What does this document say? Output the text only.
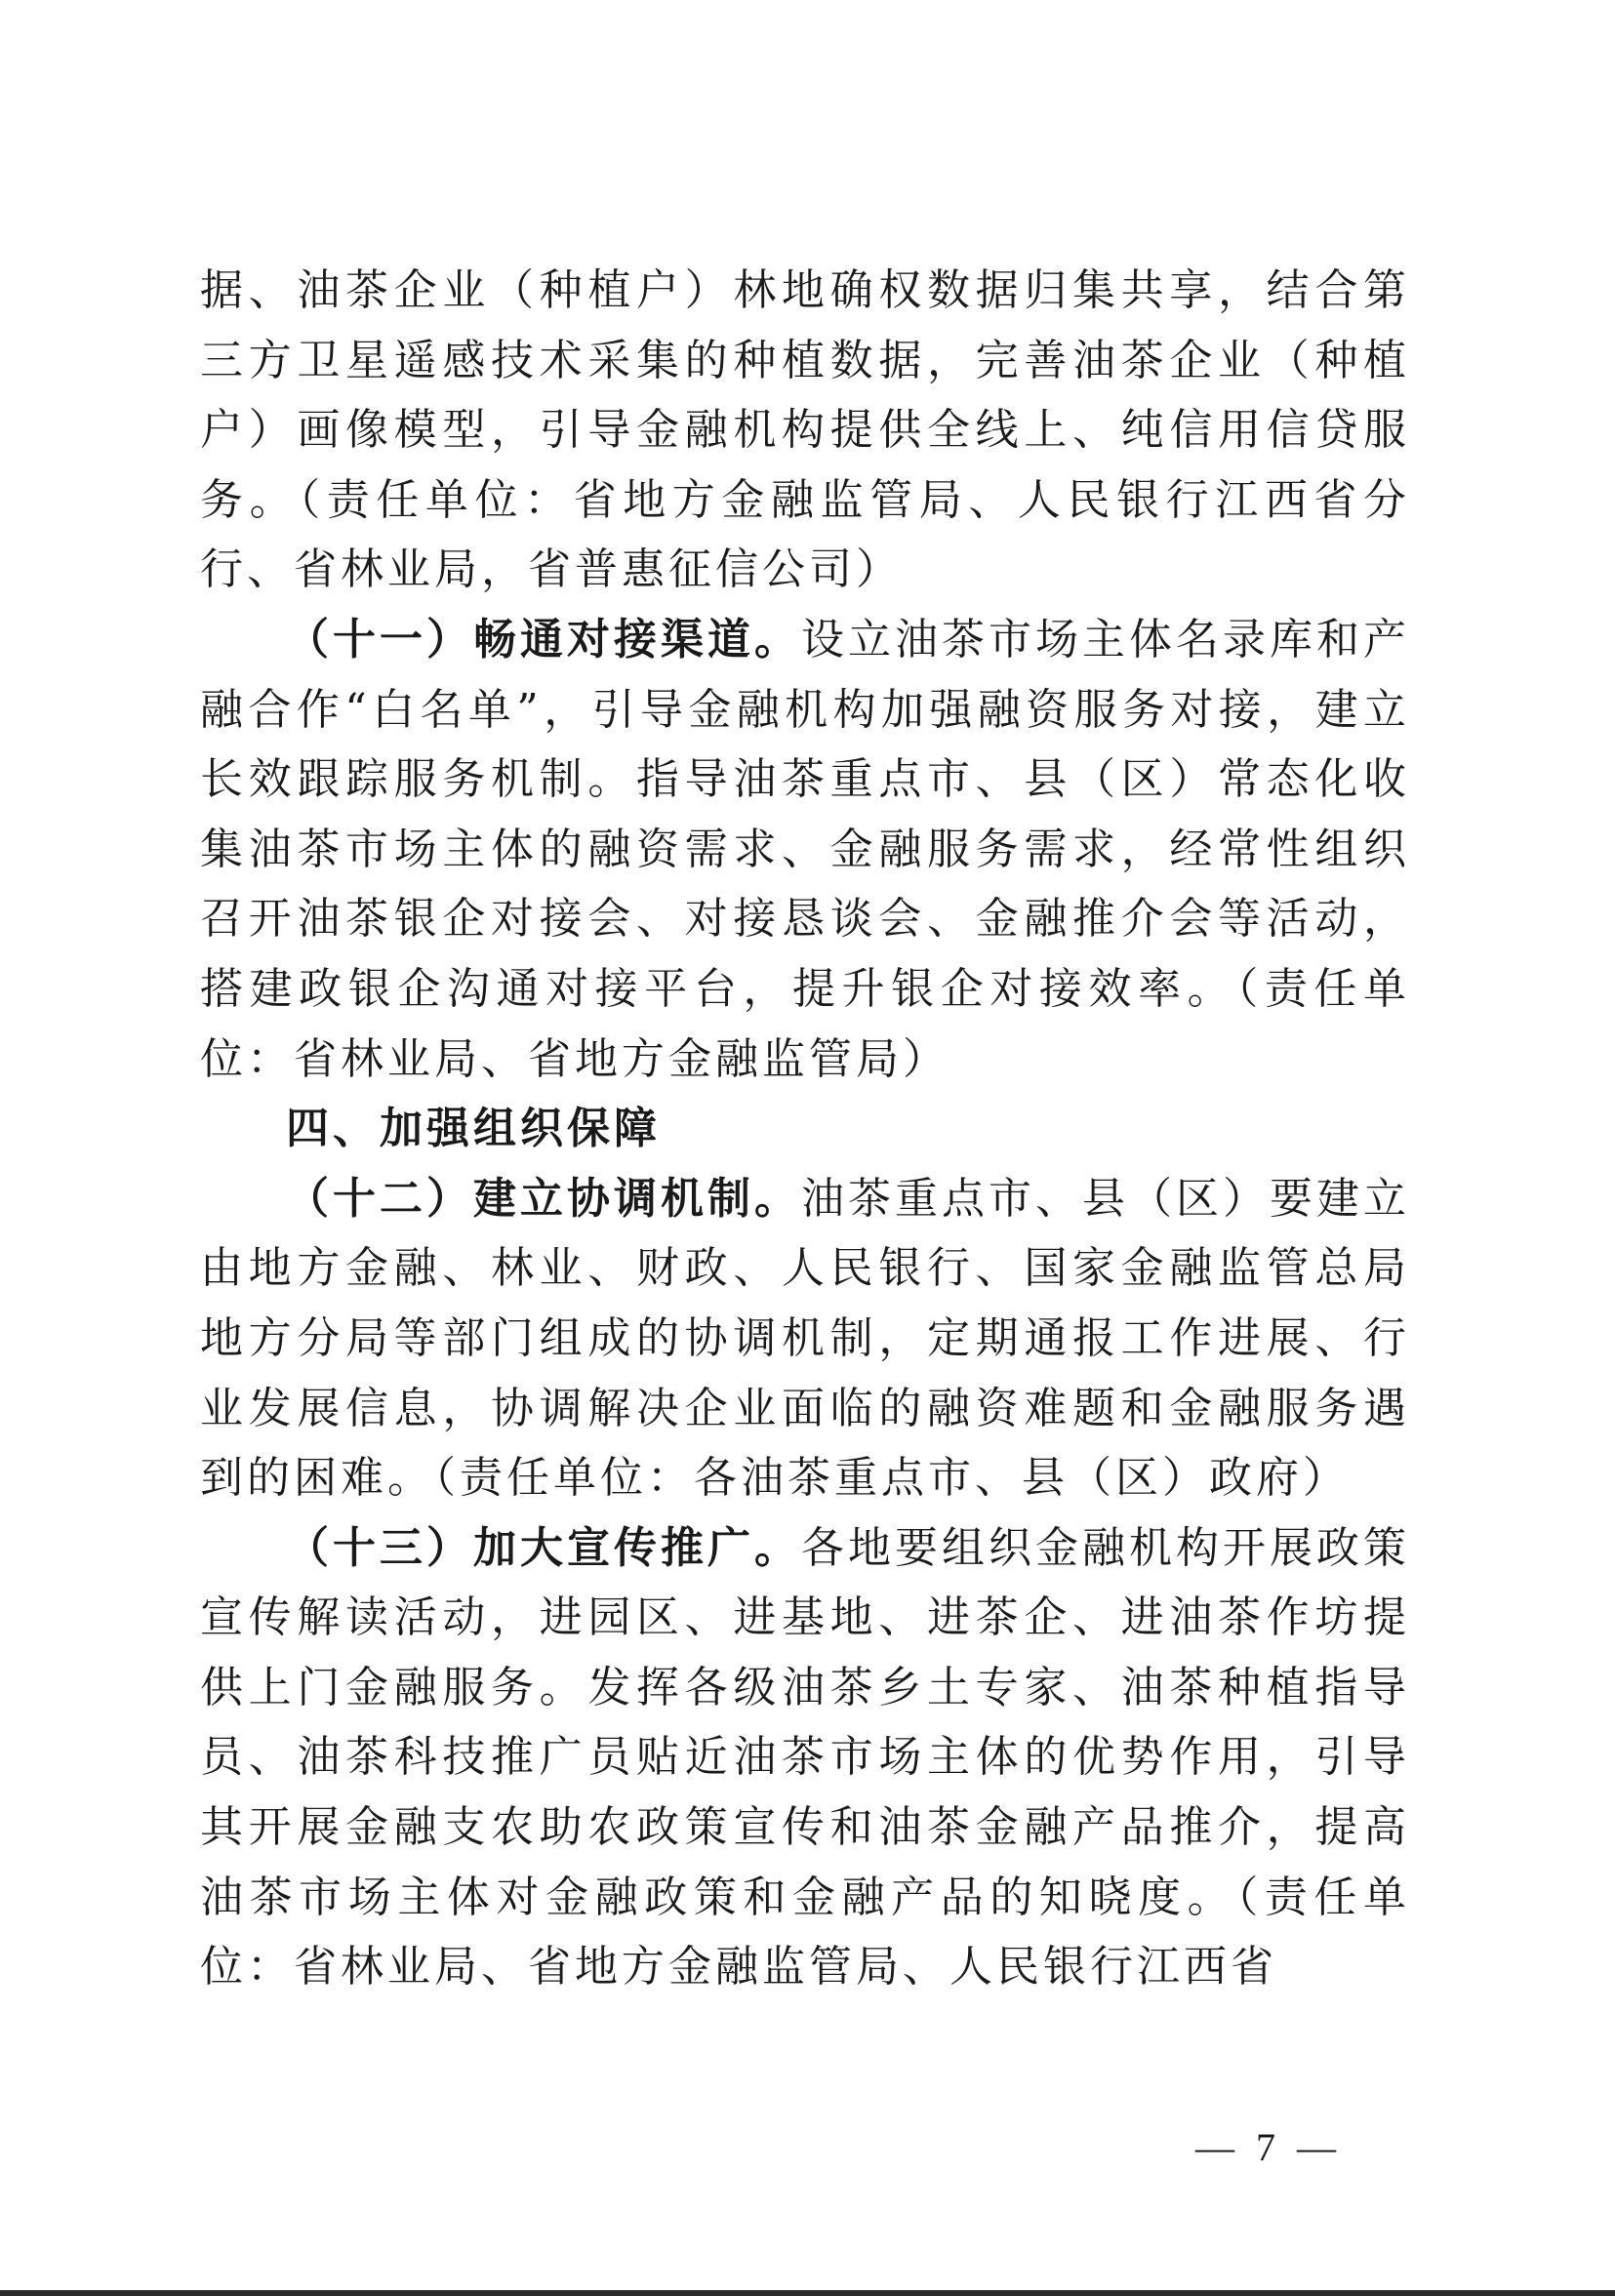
据、油茶企业（种植户）林地确权数据归集共享，结合第三方卫星遥感技术采集的种植数据，完善油茶企业（种植户）画像模型，引导金融机构提供全线上、纯信用信贷服务。（责任单位：省地方金融监管局、人民银行江西省分行、省林业局，省普惠征信公司）

（十一）畅通对接渠道。设立油茶市场主体名录库和产融合作“白名单”，引导金融机构加强融资服务对接，建立长效跟踪服务机制。指导油茶重点市、县（区）常态化收集油茶市场主体的融资需求、金融服务需求，经常性组织召开油茶银企对接会、对接恳谈会、金融推介会等活动，搭建政银企沟通对接平台，提升银企对接效率。（责任单位：省林业局、省地方金融监管局）

四、加强组织保障

（十二）建立协调机制。油茶重点市、县（区）要建立由地方金融、林业、财政、人民银行、国家金融监管总局地方分局等部门组成的协调机制，定期通报工作进展、行业发展信息，协调解决企业面临的融资难题和金融服务遇到的困难。（责任单位：各油茶重点市、县（区）政府）

（十三）加大宣传推广。各地要组织金融机构开展政策宣传解读活动，进园区、进基地、进茶企、进油茶作坊提供上门金融服务。发挥各级油茶乡土专家、油茶种植指导员、油茶科技推广员贴近油茶市场主体的优势作用，引导其开展金融支农助农政策宣传和油茶金融产品推介，提高油茶市场主体对金融政策和金融产品的知晓度。（责任单位：省林业局、省地方金融监管局、人民银行江西省

— 7 —
